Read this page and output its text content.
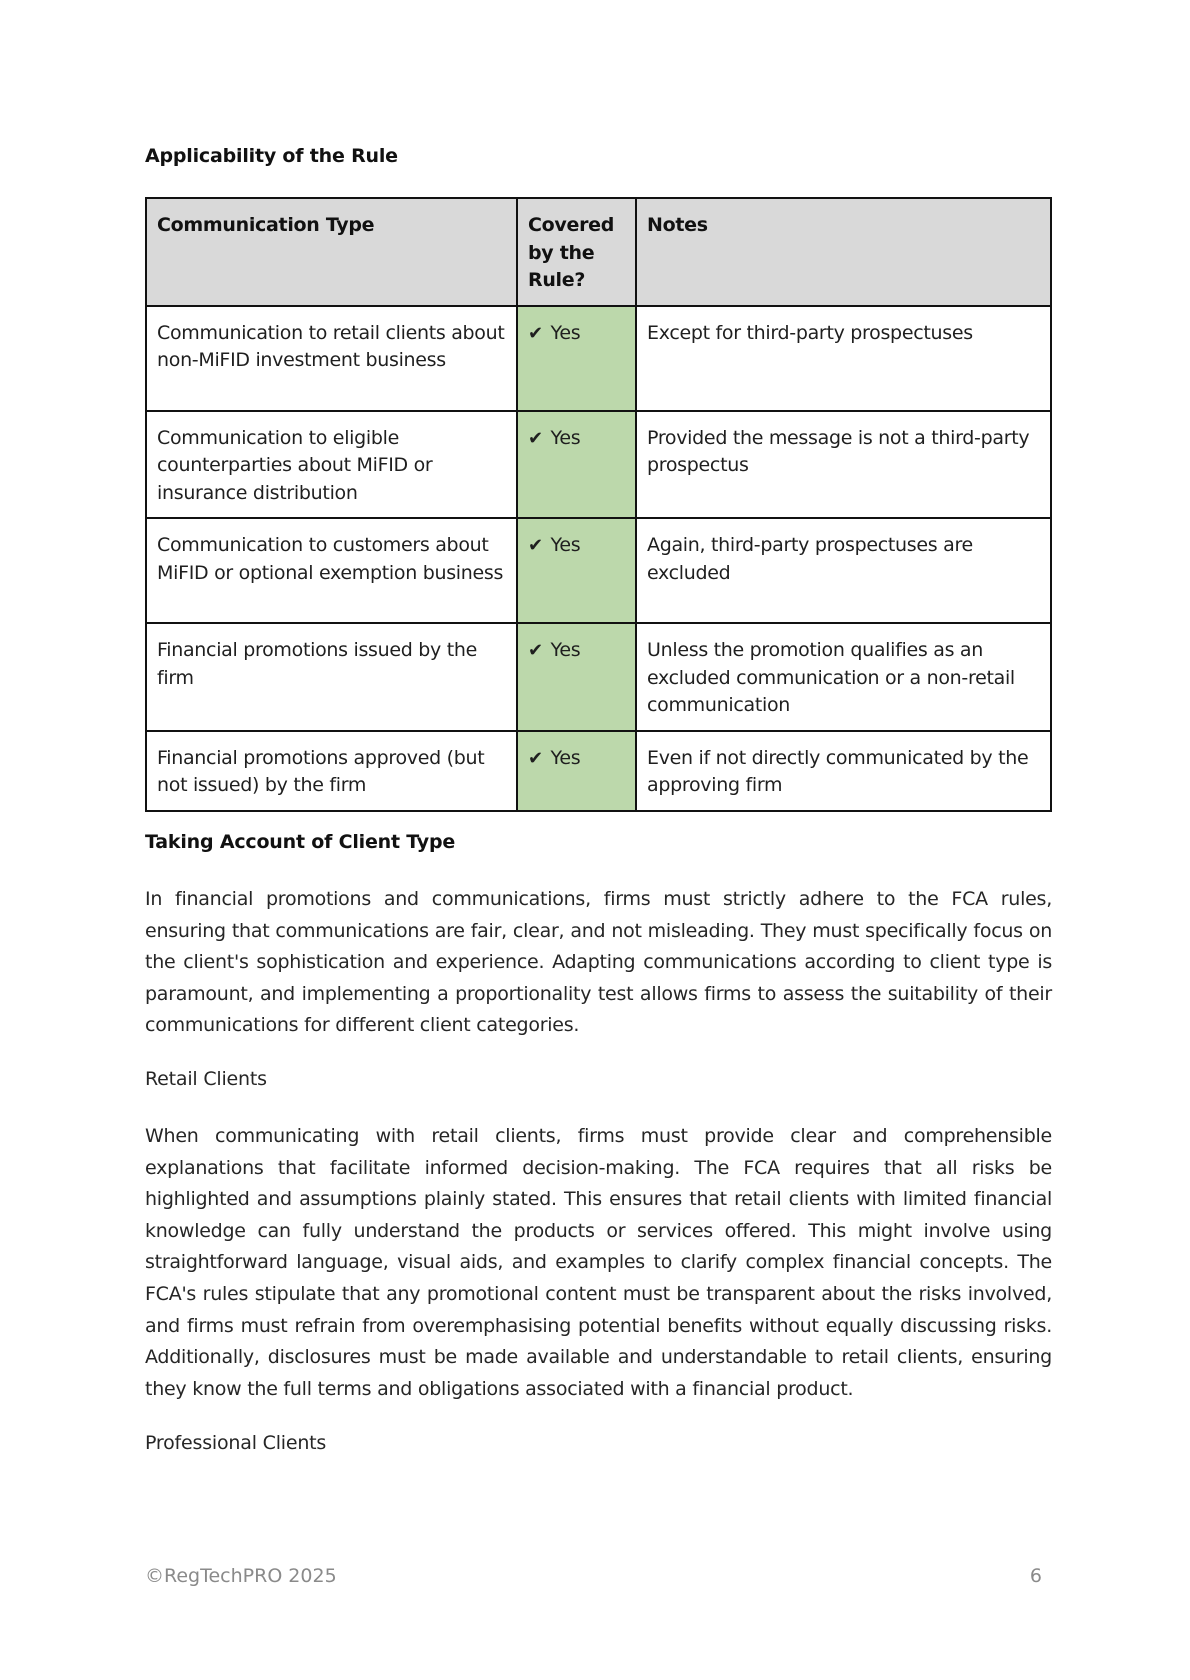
Applicability of the Rule
Communication Type	Covered by the Rule?	Notes
Communication to retail clients about non-MiFID investment business	✔ Yes	Except for third-party prospectuses
Communication to eligible counterparties about MiFID or insurance distribution	✔ Yes	Provided the message is not a third-party prospectus
Communication to customers about MiFID or optional exemption business	✔ Yes	Again, third-party prospectuses are excluded
Financial promotions issued by the firm	✔ Yes	Unless the promotion qualifies as an excluded communication or a non-retail communication
Financial promotions approved (but not issued) by the firm	✔ Yes	Even if not directly communicated by the approving firm
Taking Account of Client Type

In financial promotions and communications, firms must strictly adhere to the FCA rules, ensuring that communications are fair, clear, and not misleading. They must specifically focus on the client's sophistication and experience. Adapting communications according to client type is paramount, and implementing a proportionality test allows firms to assess the suitability of their communications for different client categories.

Retail Clients

When communicating with retail clients, firms must provide clear and comprehensible explanations that facilitate informed decision-making. The FCA requires that all risks be highlighted and assumptions plainly stated. This ensures that retail clients with limited financial knowledge can fully understand the products or services offered. This might involve using straightforward language, visual aids, and examples to clarify complex financial concepts. The FCA's rules stipulate that any promotional content must be transparent about the risks involved, and firms must refrain from overemphasising potential benefits without equally discussing risks. Additionally, disclosures must be made available and understandable to retail clients, ensuring they know the full terms and obligations associated with a financial product.

Professional Clients
©RegTechPRO 2025	6
